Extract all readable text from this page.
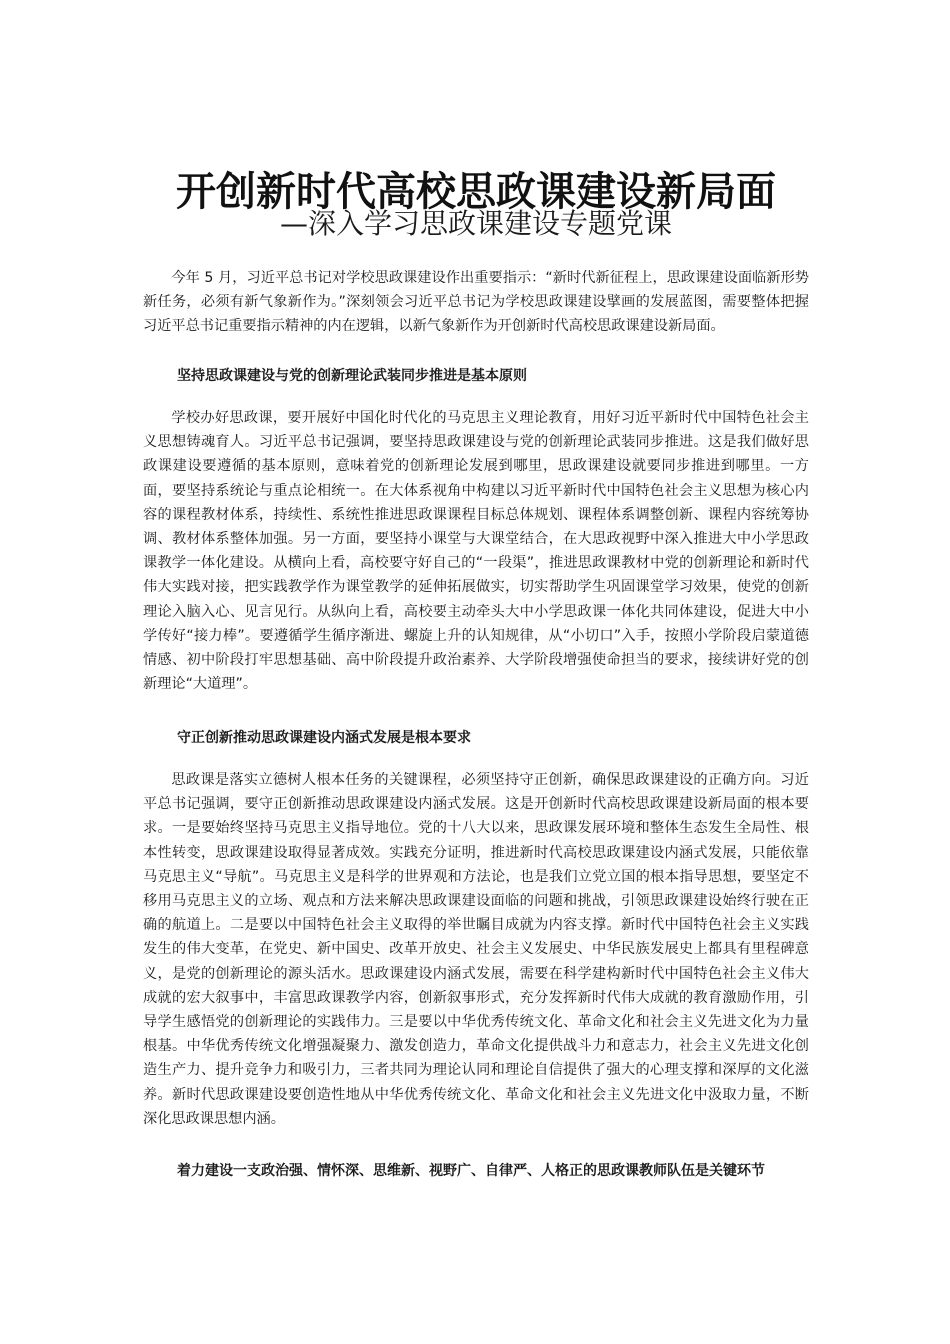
开创新时代高校思政课建设新局面
—深入学习思政课建设专题党课

今年 5 月，习近平总书记对学校思政课建设作出重要指示：“新时代新征程上，思政课建设面临新形势新任务，必须有新气象新作为。”深刻领会习近平总书记为学校思政课建设擘画的发展蓝图，需要整体把握习近平总书记重要指示精神的内在逻辑，以新气象新作为开创新时代高校思政课建设新局面。

坚持思政课建设与党的创新理论武装同步推进是基本原则

学校办好思政课，要开展好中国化时代化的马克思主义理论教育，用好习近平新时代中国特色社会主义思想铸魂育人。习近平总书记强调，要坚持思政课建设与党的创新理论武装同步推进。这是我们做好思政课建设要遵循的基本原则，意味着党的创新理论发展到哪里，思政课建设就要同步推进到哪里。一方面，要坚持系统论与重点论相统一。在大体系视角中构建以习近平新时代中国特色社会主义思想为核心内容的课程教材体系，持续性、系统性推进思政课课程目标总体规划、课程体系调整创新、课程内容统筹协调、教材体系整体加强。另一方面，要坚持小课堂与大课堂结合，在大思政视野中深入推进大中小学思政课教学一体化建设。从横向上看，高校要守好自己的“一段渠”，推进思政课教材中党的创新理论和新时代伟大实践对接，把实践教学作为课堂教学的延伸拓展做实，切实帮助学生巩固课堂学习效果，使党的创新理论入脑入心、见言见行。从纵向上看，高校要主动牵头大中小学思政课一体化共同体建设，促进大中小学传好“接力棒”。要遵循学生循序渐进、螺旋上升的认知规律，从“小切口”入手，按照小学阶段启蒙道德情感、初中阶段打牢思想基础、高中阶段提升政治素养、大学阶段增强使命担当的要求，接续讲好党的创新理论“大道理”。

守正创新推动思政课建设内涵式发展是根本要求

思政课是落实立德树人根本任务的关键课程，必须坚持守正创新，确保思政课建设的正确方向。习近平总书记强调，要守正创新推动思政课建设内涵式发展。这是开创新时代高校思政课建设新局面的根本要求。一是要始终坚持马克思主义指导地位。党的十八大以来，思政课发展环境和整体生态发生全局性、根本性转变，思政课建设取得显著成效。实践充分证明，推进新时代高校思政课建设内涵式发展，只能依靠马克思主义“导航”。马克思主义是科学的世界观和方法论，也是我们立党立国的根本指导思想，要坚定不移用马克思主义的立场、观点和方法来解决思政课建设面临的问题和挑战，引领思政课建设始终行驶在正确的航道上。二是要以中国特色社会主义取得的举世瞩目成就为内容支撑。新时代中国特色社会主义实践发生的伟大变革，在党史、新中国史、改革开放史、社会主义发展史、中华民族发展史上都具有里程碑意义，是党的创新理论的源头活水。思政课建设内涵式发展，需要在科学建构新时代中国特色社会主义伟大成就的宏大叙事中，丰富思政课教学内容，创新叙事形式，充分发挥新时代伟大成就的教育激励作用，引导学生感悟党的创新理论的实践伟力。三是要以中华优秀传统文化、革命文化和社会主义先进文化为力量根基。中华优秀传统文化增强凝聚力、激发创造力，革命文化提供战斗力和意志力，社会主义先进文化创造生产力、提升竞争力和吸引力，三者共同为理论认同和理论自信提供了强大的心理支撑和深厚的文化滋养。新时代思政课建设要创造性地从中华优秀传统文化、革命文化和社会主义先进文化中汲取力量，不断深化思政课思想内涵。

着力建设一支政治强、情怀深、思维新、视野广、自律严、人格正的思政课教师队伍是关键环节
